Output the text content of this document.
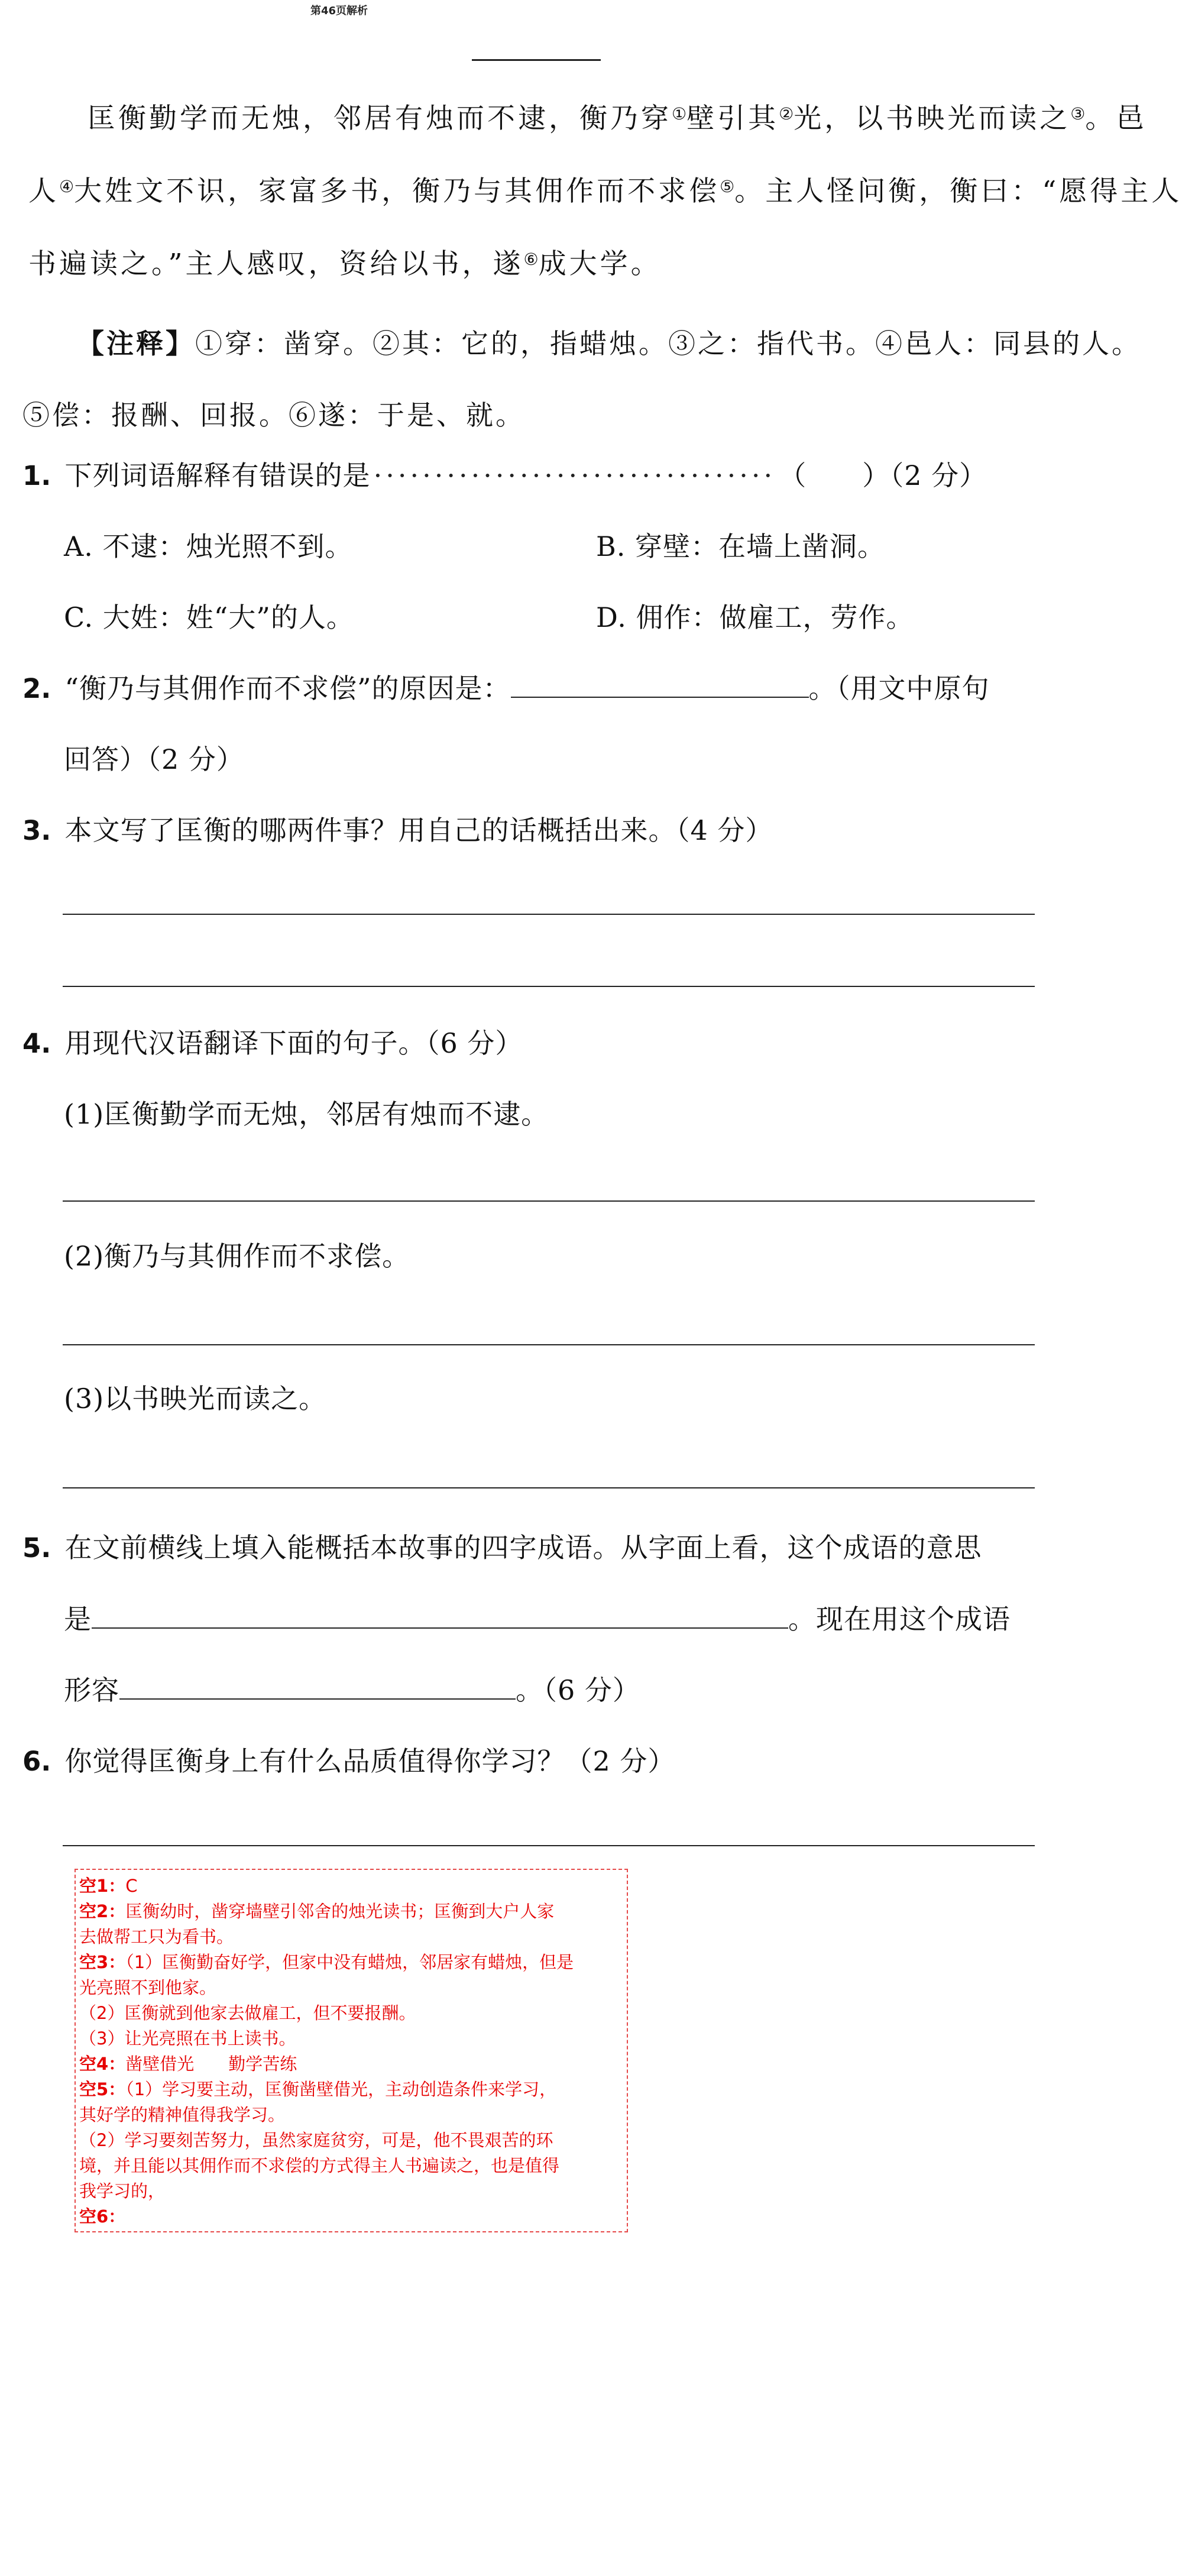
第46页解析
匡衡勤学而无烛，邻居有烛而不逮，衡乃穿①壁引其②光，以书映光而读之③。邑
人④大姓文不识，家富多书，衡乃与其佣作而不求偿⑤。主人怪问衡，衡曰：“愿得主人
书遍读之。”主人感叹，资给以书，遂⑥成大学。
【注释】①穿：凿穿。②其：它的，指蜡烛。③之：指代书。④邑人：同县的人。
⑤偿：报酬、回报。⑥遂：于是、就。
1. 下列词语解释有错误的是 ································· （　　）（2 分）
A. 不逮：烛光照不到。	B. 穿壁：在墙上凿洞。
C. 大姓：姓“大”的人。	D. 佣作：做雇工，劳作。
2. “衡乃与其佣作而不求偿”的原因是：	。（用文中原句
回答）（2 分）
3. 本文写了匡衡的哪两件事？用自己的话概括出来。（4 分）
4. 用现代汉语翻译下面的句子。（6 分）
(1)匡衡勤学而无烛，邻居有烛而不逮。
(2)衡乃与其佣作而不求偿。
(3)以书映光而读之。
5. 在文前横线上填入能概括本故事的四字成语。从字面上看，这个成语的意思
是	。现在用这个成语
形容	。（6 分）
6. 你觉得匡衡身上有什么品质值得你学习？（2 分）
空1：C
空2：匡衡幼时，凿穿墙壁引邻舍的烛光读书；匡衡到大户人家
去做帮工只为看书。
空3：（1）匡衡勤奋好学，但家中没有蜡烛，邻居家有蜡烛，但是
光亮照不到他家。
（2）匡衡就到他家去做雇工，但不要报酬。
（3）让光亮照在书上读书。
空4：凿壁借光　　勤学苦练
空5：（1）学习要主动，匡衡凿壁借光，主动创造条件来学习，
其好学的精神值得我学习。
（2）学习要刻苦努力，虽然家庭贫穷，可是，他不畏艰苦的环
境，并且能以其佣作而不求偿的方式得主人书遍读之，也是值得
我学习的，
空6：
